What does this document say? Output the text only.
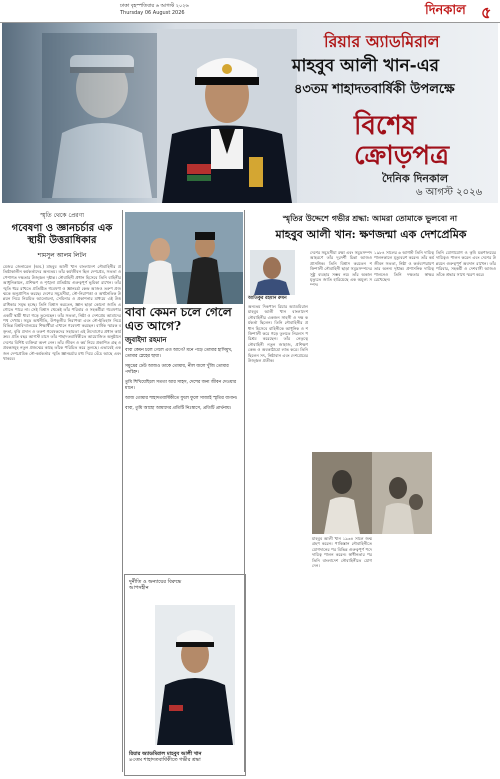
ঢাকা বৃহস্পতিবার ৬ আগস্ট ২০২৬
Thursday 06 August 2026	দিনকাল ৫
রিয়ার অ্যাডমিরাল
মাহবুব আলী খান-এর
৪৩তম শাহাদতবার্ষিকী উপলক্ষে
বিশেষ ক্রোড়পত্র
দৈনিক দিনকাল
৬ আগস্ট ২০২৬
স্মৃতি থেকে প্রেরণা
গবেষণা ও জ্ঞানচর্চার এক স্থায়ী উত্তরাধিকার
শামসুল আলম লিটন
মেজর জেনারেল (অব.) মাহবুব আলী খান বাংলাদেশ নৌবাহিনীর প্রতিষ্ঠাকালীন কর্মকর্তাদের অন্যতম। তাঁর কর্মজীবন ছিল দেশপ্রেম, সততা ও পেশাগত দক্ষতার উজ্জ্বল দৃষ্টান্ত। নৌবাহিনী প্রধান হিসেবে তিনি বাহিনীর আধুনিকায়ন, প্রশিক্ষণ ও শৃঙ্খলা প্রতিষ্ঠায় গুরুত্বপূর্ণ ভূমিকা রাখেন। তাঁর স্মৃতি ধরে রাখতে প্রতিষ্ঠিত গবেষণা ও জ্ঞানচর্চা কেন্দ্র আজও তরুণ প্রজন্মকে অনুপ্রাণিত করছে। দেশের সমুদ্রসীমা, নৌ-নিরাপত্তা ও অর্থনৈতিক উন্নয়ন নিয়ে নিয়মিত আলোচনা, সেমিনার ও প্রকাশনার মাধ্যমে এই উত্তরাধিকার সমৃদ্ধ হচ্ছে। তিনি বিশ্বাস করতেন, জ্ঞান ছাড়া কোনো জাতি এগোতে পারে না। সেই বিশ্বাস থেকেই তাঁর পরিবার ও সহকর্মীরা গবেষণার একটি স্থায়ী ধারা গড়ে তুলেছেন। তাঁর সততা, নিষ্ঠা ও দেশপ্রেম আমাদের পথ দেখায়। সমুদ্র অর্থনীতি, উপকূলীয় নিরাপত্তা এবং নৌ-ইতিহাস নিয়ে বিভিন্ন বিশ্ববিদ্যালয়ের শিক্ষার্থীরা এখানে গবেষণা করছেন। বার্ষিক স্মারক বক্তৃতা, বৃত্তি প্রদান ও তরুণ গবেষকদের সহায়তা এই উদ্যোগের প্রধান কার্যক্রম। প্রতি বছর আগস্ট মাসে তাঁর শাহাদতবার্ষিকীতে আয়োজিত অনুষ্ঠানে দেশের বিশিষ্ট ব্যক্তিরা অংশ নেন। তাঁর জীবন ও কর্ম নিয়ে প্রকাশিত গ্রন্থ ও প্রবন্ধসমূহ নতুন প্রজন্মের কাছে তাঁকে পরিচিত করে তুলছে। এভাবেই একজন দেশপ্রেমিক নৌ-কর্মকর্তার স্মৃতি জ্ঞানচর্চার মধ্য দিয়ে বেঁচে আছে এবং থাকবে।
বাবা কেমন চলে গেলে এত আগে?
জুবাইদা রহমান

বাবা কেমন চলে গেলে এত আগে? মনে পড়ে তোমার হাসিমুখ, তোমার স্নেহের ছায়া।

সমুদ্রের ঢেউ আজও ডাকে তোমায়, নীল জলে খুঁজি তোমার পদচিহ্ন।

তুমি শিখিয়েছিলে সততা আর সাহস, দেশের জন্য জীবন দেওয়ার মানে।

আজ তোমার শাহাদতবার্ষিকীতে ফুলে ফুলে সাজাই স্মৃতির বাগান।

বাবা, তুমি আছো আমাদের প্রতিটি নিঃশ্বাসে, প্রতিটি প্রার্থনায়।

দুর্নীতি ও অন্যায়ের বিরুদ্ধে আপসহীন
রিয়ার অ্যাডমিরাল মাহবুব আলী খান
৪৩তম শাহাদতবার্ষিকীতে গভীর শ্রদ্ধা
স্মৃতির উদ্দেশে গভীর শ্রদ্ধা: আমরা তোমাকে ভুলবো না
মাহবুব আলী খান: ক্ষণজন্মা এক দেশপ্রেমিক
আতিকুর রহমান রুমন
অন্যতম দিকপাল রিয়ার অ্যাডমিরাল মাহবুব আলী খান বাংলাদেশ নৌবাহিনীর একজন সাহসী ও দক্ষ কর্মকর্তা ছিলেন। তিনি নৌবাহিনীর প্রধান হিসেবে বাহিনীকে আধুনিক ও শক্তিশালী করে গড়ে তুলতে নিরলস পরিশ্রম করেছেন। তাঁর নেতৃত্বে নৌবাহিনী নতুন জাহাজ, প্রশিক্ষণ কেন্দ্র ও অবকাঠামো লাভ করে। তিনি ছিলেন সৎ, নিষ্ঠাবান এবং দেশপ্রেমের উজ্জ্বল প্রতীক।
দেশের সমুদ্রসীমা রক্ষা এবং সমুদ্রসম্পদ আহরণে তাঁর দূরদর্শী চিন্তা আজও প্রাসঙ্গিক। তিনি বিশ্বাস করতেন শক্তিশালী নৌবাহিনী ছাড়া সমুদ্রসম্পদের সুষ্ঠু ব্যবহার সম্ভব নয়। তাঁর অকাল মৃত্যুতে জাতি হারিয়েছে এক অমূল্য সম্পদ।
১৯৮৪ সালের ৬ আগস্ট তিনি দায়িত্ব পালনকালে মৃত্যুবরণ করেন। তাঁর কর্মজীবন সততা, নিষ্ঠা ও কর্তব্যপরায়ণতার অনন্য দৃষ্টান্ত। প্রশাসনিক দায়িত্ব পালনেও তিনি দক্ষতার স্বাক্ষর রেখেছেন।
মাহবুব আলী খান ১৯৩৪ সালে জন্মগ্রহণ করেন। পাকিস্তান নৌবাহিনীতে যোগদানের পর বিভিন্ন গুরুত্বপূর্ণ পদে দায়িত্ব পালন করেন। স্বাধীনতার পর তিনি বাংলাদেশ নৌবাহিনীতে যোগ দেন।
তিনি যোগাযোগ ও কৃষি মন্ত্রণালয়ের দায়িত্বও পালন করেন এবং দেশের উন্নয়নে গুরুত্বপূর্ণ অবদান রাখেন। তাঁর পরিবার, সহকর্মী ও দেশবাসী আজও তাঁকে শ্রদ্ধার সাথে স্মরণ করে।
